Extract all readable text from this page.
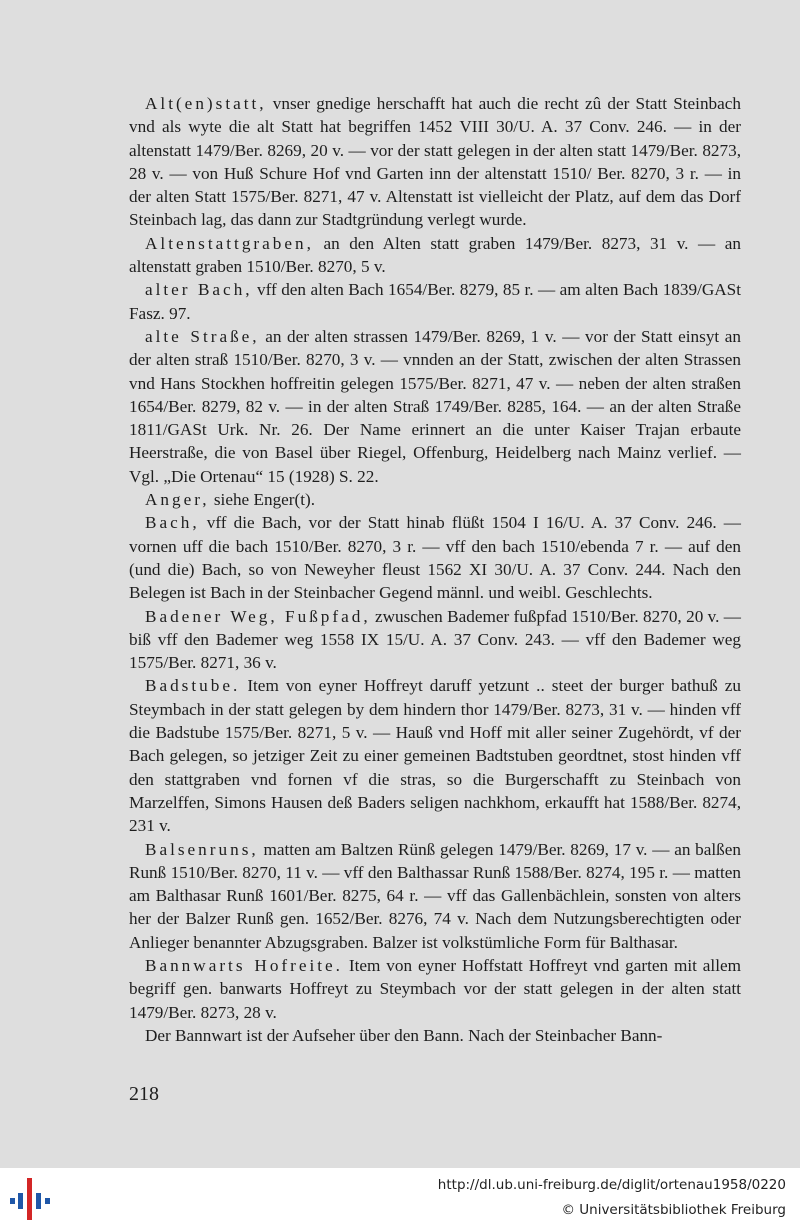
Alt(en)statt, vnser gnedige herschafft hat auch die recht zû der Statt Steinbach vnd als wyte die alt Statt hat begriffen 1452 VIII 30/U. A. 37 Conv. 246. — in der altenstatt 1479/Ber. 8269, 20 v. — vor der statt gelegen in der alten statt 1479/Ber. 8273, 28 v. — von Huß Schure Hof vnd Garten inn der altenstatt 1510/ Ber. 8270, 3 r. — in der alten Statt 1575/Ber. 8271, 47 v. Altenstatt ist vielleicht der Platz, auf dem das Dorf Steinbach lag, das dann zur Stadtgründung verlegt wurde.

Altenstattgraben, an den Alten statt graben 1479/Ber. 8273, 31 v. — an altenstatt graben 1510/Ber. 8270, 5 v.

alter Bach, vff den alten Bach 1654/Ber. 8279, 85 r. — am alten Bach 1839/GASt Fasz. 97.

alte Straße, an der alten strassen 1479/Ber. 8269, 1 v. — vor der Statt einsyt an der alten straß 1510/Ber. 8270, 3 v. — vnnden an der Statt, zwischen der alten Strassen vnd Hans Stockhen hoffreitin gelegen 1575/Ber. 8271, 47 v. — neben der alten straßen 1654/Ber. 8279, 82 v. — in der alten Straß 1749/Ber. 8285, 164. — an der alten Straße 1811/GASt Urk. Nr. 26. Der Name erinnert an die unter Kaiser Trajan erbaute Heerstraße, die von Basel über Riegel, Offenburg, Heidelberg nach Mainz verlief. — Vgl. „Die Ortenau“ 15 (1928) S. 22.

Anger, siehe Enger(t).

Bach, vff die Bach, vor der Statt hinab flüßt 1504 I 16/U. A. 37 Conv. 246. — vornen uff die bach 1510/Ber. 8270, 3 r. — vff den bach 1510/ebenda 7 r. — auf den (und die) Bach, so von Neweyher fleust 1562 XI 30/U. A. 37 Conv. 244. Nach den Belegen ist Bach in der Steinbacher Gegend männl. und weibl. Geschlechts.

Badener Weg, Fußpfad, zwuschen Bademer fußpfad 1510/Ber. 8270, 20 v. — biß vff den Bademer weg 1558 IX 15/U. A. 37 Conv. 243. — vff den Bademer weg 1575/Ber. 8271, 36 v.

Badstube. Item von eyner Hoffreyt daruff yetzunt .. steet der burger bathuß zu Steymbach in der statt gelegen by dem hindern thor 1479/Ber. 8273, 31 v. — hinden vff die Badstube 1575/Ber. 8271, 5 v. — Hauß vnd Hoff mit aller seiner Zugehördt, vf der Bach gelegen, so jetziger Zeit zu einer gemeinen Badtstuben geordtnet, stost hinden vff den stattgraben vnd fornen vf die stras, so die Burgerschafft zu Steinbach von Marzelffen, Simons Hausen deß Baders seligen nachkhom, erkaufft hat 1588/Ber. 8274, 231 v.

Balsenruns, matten am Baltzen Rünß gelegen 1479/Ber. 8269, 17 v. — an balßen Runß 1510/Ber. 8270, 11 v. — vff den Balthassar Runß 1588/Ber. 8274, 195 r. — matten am Balthasar Runß 1601/Ber. 8275, 64 r. — vff das Gallenbächlein, sonsten von alters her der Balzer Runß gen. 1652/Ber. 8276, 74 v. Nach dem Nutzungsberechtigten oder Anlieger benannter Abzugsgraben. Balzer ist volkstümliche Form für Balthasar.

Bannwarts Hofreite. Item von eyner Hoffstatt Hoffreyt vnd garten mit allem begriff gen. banwarts Hoffreyt zu Steymbach vor der statt gelegen in der alten statt 1479/Ber. 8273, 28 v.

Der Bannwart ist der Aufseher über den Bann. Nach der Steinbacher Bann-

218
http://dl.ub.uni-freiburg.de/diglit/ortenau1958/0220
© Universitätsbibliothek Freiburg
